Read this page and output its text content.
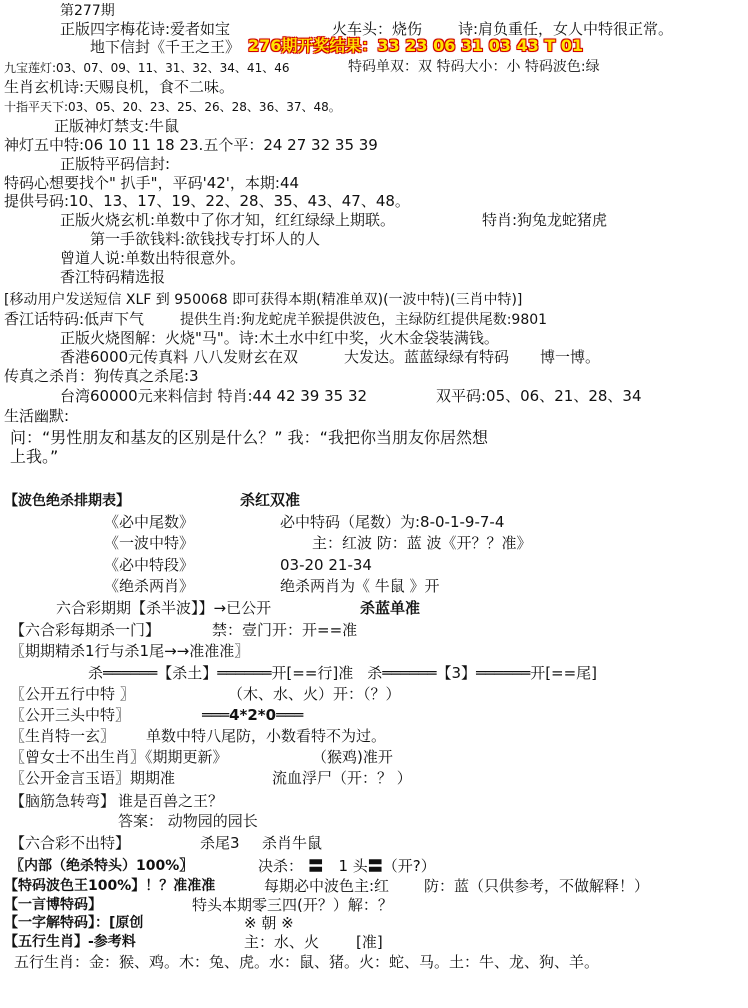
第277期
正版四字梅花诗:爱者如宝	火车头：烧伤 诗:肩负重任，女人中特很正常。
地下信封《千王之王》 276期开奖结果：33 23 06 31 03 43 T 01
九宝莲灯:03、07、09、11、31、32、34、41、46	特码单双：双 特码大小：小 特码波色:绿
生肖玄机诗:天赐良机，食不二味。
十指平天下:03、05、20、23、25、26、28、36、37、48。
正版神灯禁支:牛鼠
神灯五中特:06 10 11 18 23.五个平：24 27 32 35 39
正版特平码信封:
特码心想要找个" 扒手"，平码'42'，本期:44
提供号码:10、13、17、19、22、28、35、43、47、48。
正版火烧玄机:单数中了你才知，红红绿绿上期联。	特肖:狗兔龙蛇猪虎
第一手欲钱料:欲钱找专打坏人的人
曾道人说:单数出特很意外。
香江特码精选报
[移动用户发送短信 XLF 到 950068 即可获得本期(精准单双)(一波中特)(三肖中特)]
香江话特码:低声下气	提供生肖:狗龙蛇虎羊猴提供波色，主绿防红提供尾数:9801
正版火烧图解：火烧"马"。诗:木土水中红中奖，火木金袋装满钱。
香港6000元传真料 八八发财玄在双	大发达。蓝蓝绿绿有特码 博一博。
传真之杀肖：狗传真之杀尾:3
台湾60000元来料信封 特肖:44 42 39 35 32	双平码:05、06、21、28、34
生活幽默:
问：“男性朋友和基友的区别是什么？” 我：“我把你当朋友你居然想
上我。”
【波色绝杀排期表】	杀红双准
《必中尾数》	必中特码（尾数）为:8-0-1-9-7-4
《一波中特》	主：红波 防：蓝 波《开？？准》
《必中特段》	03-20 21-34
《绝杀两肖》	绝杀两肖为《 牛鼠 》开
六合彩期期【杀半波】】→已公开	杀蓝单准
【六合彩每期杀一门】	禁：壹门开：开==准
〖期期精杀1行与杀1尾→→准准准〗
杀══════【杀土】══════开[==行]准 杀══════【3】══════开[==尾]
〖公开五行中特 〗	（木、水、火）开：（？）
〖公开三头中特〗	═══4*2*0═══
〖生肖特一玄〗 单数中特八尾防，小数看特不为过。
〖曾女士不出生肖〗《期期更新》	（猴鸡)准开
〖公开金言玉语〗期期准	流血浮尸（开：？ ）
【脑筋急转弯】 谁是百兽之王？
答案： 动物园的园长
【六合彩不出特】	杀尾3 杀肖牛鼠
〖内部（绝杀特头）100%〗	决杀： 〓 1 头〓（开?）
【特码波色王100%】！？准准准	每期必中波色主:红 防：蓝（只供参考，不做解释！）
【一言博特码】	特头本期零三四(开？）解：？
【一字解特码】：[原创	※ 朝 ※
【五行生肖】-参考料	主：水、火 [准]
五行生肖：金：猴、鸡。木：兔、虎。水：鼠、猪。火：蛇、马。土：牛、龙、狗、羊。
